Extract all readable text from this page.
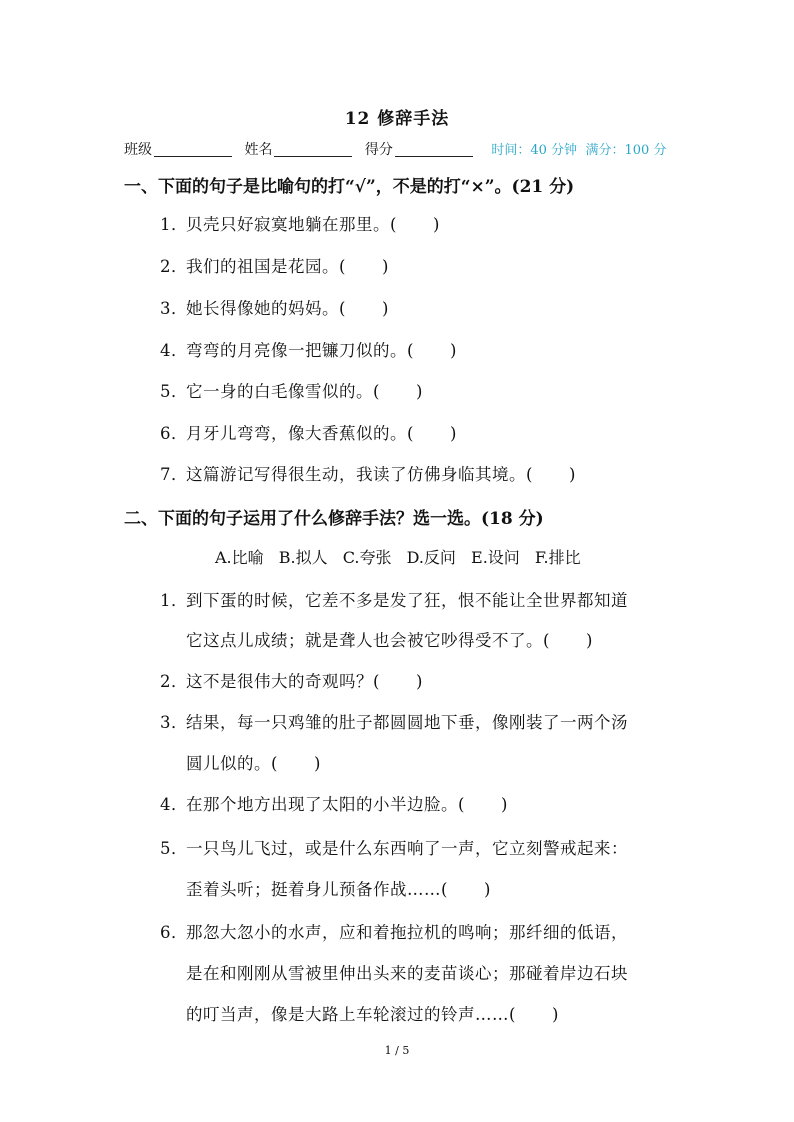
12 修辞手法
班级	姓名	得分	时间：40 分钟 满分：100 分
一、下面的句子是比喻句的打“√”，不是的打“×”。(21 分)
1．贝壳只好寂寞地躺在那里。( )
2．我们的祖国是花园。( )
3．她长得像她的妈妈。( )
4．弯弯的月亮像一把镰刀似的。( )
5．它一身的白毛像雪似的。( )
6．月牙儿弯弯，像大香蕉似的。( )
7．这篇游记写得很生动，我读了仿佛身临其境。( )
二、下面的句子运用了什么修辞手法？选一选。(18 分)
A.比喻 B.拟人 C.夸张 D.反问 E.设问 F.排比
1．到下蛋的时候，它差不多是发了狂，恨不能让全世界都知道
它这点儿成绩；就是聋人也会被它吵得受不了。( )
2．这不是很伟大的奇观吗？( )
3．结果，每一只鸡雏的肚子都圆圆地下垂，像刚装了一两个汤
圆儿似的。( )
4．在那个地方出现了太阳的小半边脸。( )
5．一只鸟儿飞过，或是什么东西响了一声，它立刻警戒起来：
歪着头听；挺着身儿预备作战……( )
6．那忽大忽小的水声，应和着拖拉机的鸣响；那纤细的低语，
是在和刚刚从雪被里伸出头来的麦苗谈心；那碰着岸边石块
的叮当声，像是大路上车轮滚过的铃声……( )
1 / 5
